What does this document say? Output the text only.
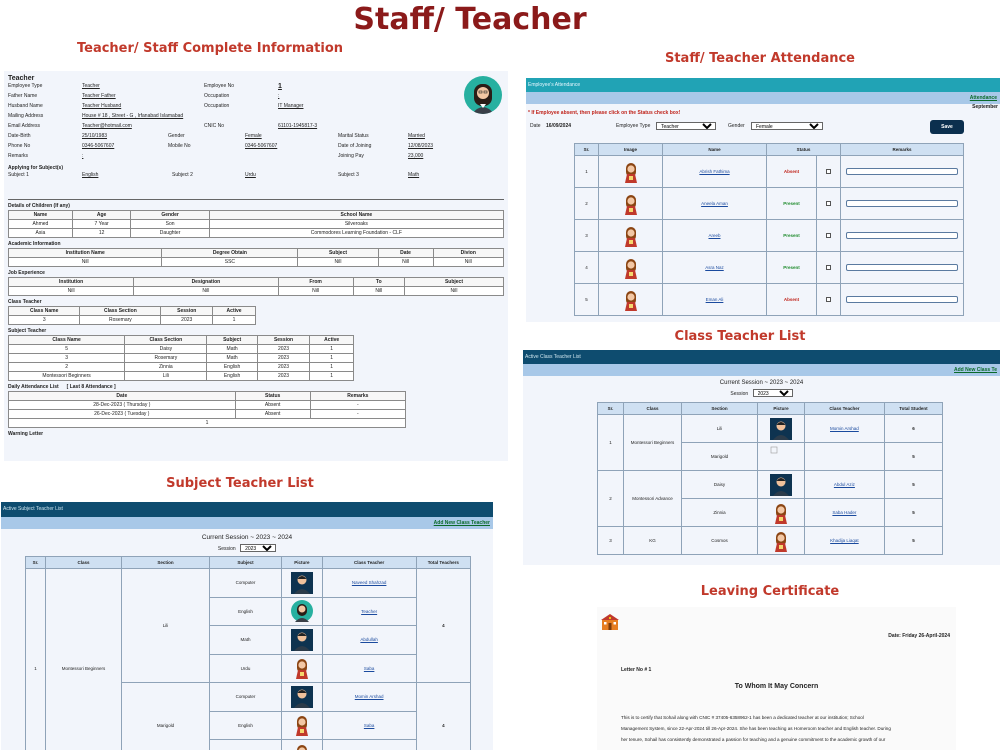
Staff/ Teacher
Teacher/ Staff Complete Information
Teacher
Employee Type	Teacher	Employee No	1
Father Name	Teacher Father	Occupation	:
Husband Name	Teacher Husband	Occupation	IT Manager
Mailing Address	House # 18 , Street - G , Irfanabad Islamabad
Email Address	Teacher@hotmail.com	CNIC No	61101-1945817-3
Date-Birth	25/10/1983	Gender	Female	Marital Status	Married
Phone No	0346-5067607	Mobile No	0346-5067607	Date of Joining	12/08/2023
Remarks	:	Joining Pay	23,000
Applying for Subject(s)
Subject 1	English	Subject 2	Urdu	Subject 3	Math
Details of Children (If any)
Name	Age	Gender	School Name
Ahmed	7 Year	Son	Silveroaks
Asia	12	Daughter	Commodores Learning Foundation - CLF
Academic Information
Institution Name	Degree Obtain	Subject	Date	Divion
Nill	SSC	Nill	Nill	Nill
Job Experience
Institution	Designation	From	To	Subject
Nill	Nill	Nill	Nill	Nill
Class Teacher
Class Name	Class Section	Session	Active
3	Rosemary	2023	1
Subject Teacher
Class Name	Class Section	Subject	Session	Active
5	Daisy	Math	2023	1
3	Rosemary	Math	2023	1
2	Zinnia	English	2023	1
Montessori Beginners	Lili	English	2023	1
Daily Attendance List [ Last 8 Attendance ]
Date	Status	Remarks
28-Dec-2023 ( Thursday )	Absent	-
26-Dec-2023 ( Tuesday )	Absent	-
1		
Warning Letter
Staff/ Teacher Attendance
Employee's Attendance
Attendance
September
* If Employee absent, then please click on the Status check box!
Date 16/09/2024	Employee Type
Teacher	Gender
Female	Save
Sr.	Image	Name	Status		Remarks
1		Abrish Fathima	Absent		
2		Aneela Aman	Present		
3		Areeb	Present		
4		Asra Naz	Present		
5		Eman Ali	Absent		
Class Teacher List
Active Class Teacher List
Add New Class Te
Current Session ~ 2023 ~ 2024
Session
2023
Sr.	Class	Section	Picture	Class Teacher	Total Student
1	Montessori Beginners	Lili		Momin Arshad	6
		Marigold			5
2	Montessori Advance	Daisy		Abdul Aziz	5
		Zinnia		Saba Hader	5
3	KG	Cosmos		Khadija Liaqat	5
Subject Teacher List
Active Subject Teacher List
Add New Class Teacher
Current Session ~ 2023 ~ 2024
Session
2023
Sr.	Class	Section	Subject	Picture	Class Teacher	Total Teachers
1	Montessori Beginners	Lili	Computer		Naveed Shahzad	4
			English		Teacher	
			Math		Abdullah	
			Urdu		Saba	
		Marigold	Computer		Momin Arshad	4
			English		Saba	

Leaving Certificate
Date: Friday 26-April-2024
Letter No # 1
To Whom It May Concern
This is to certify that Sohail along with CNIC # 37405-6358962-1 has been a dedicated teacher at our institution; School
Management System, since 22-Apr-2024 till 26-Apr-2024. She has been teaching as Homeroom teacher and English teacher. During
her tenure, Sohail has consistently demonstrated a passion for teaching and a genuine commitment to the academic growth of our
